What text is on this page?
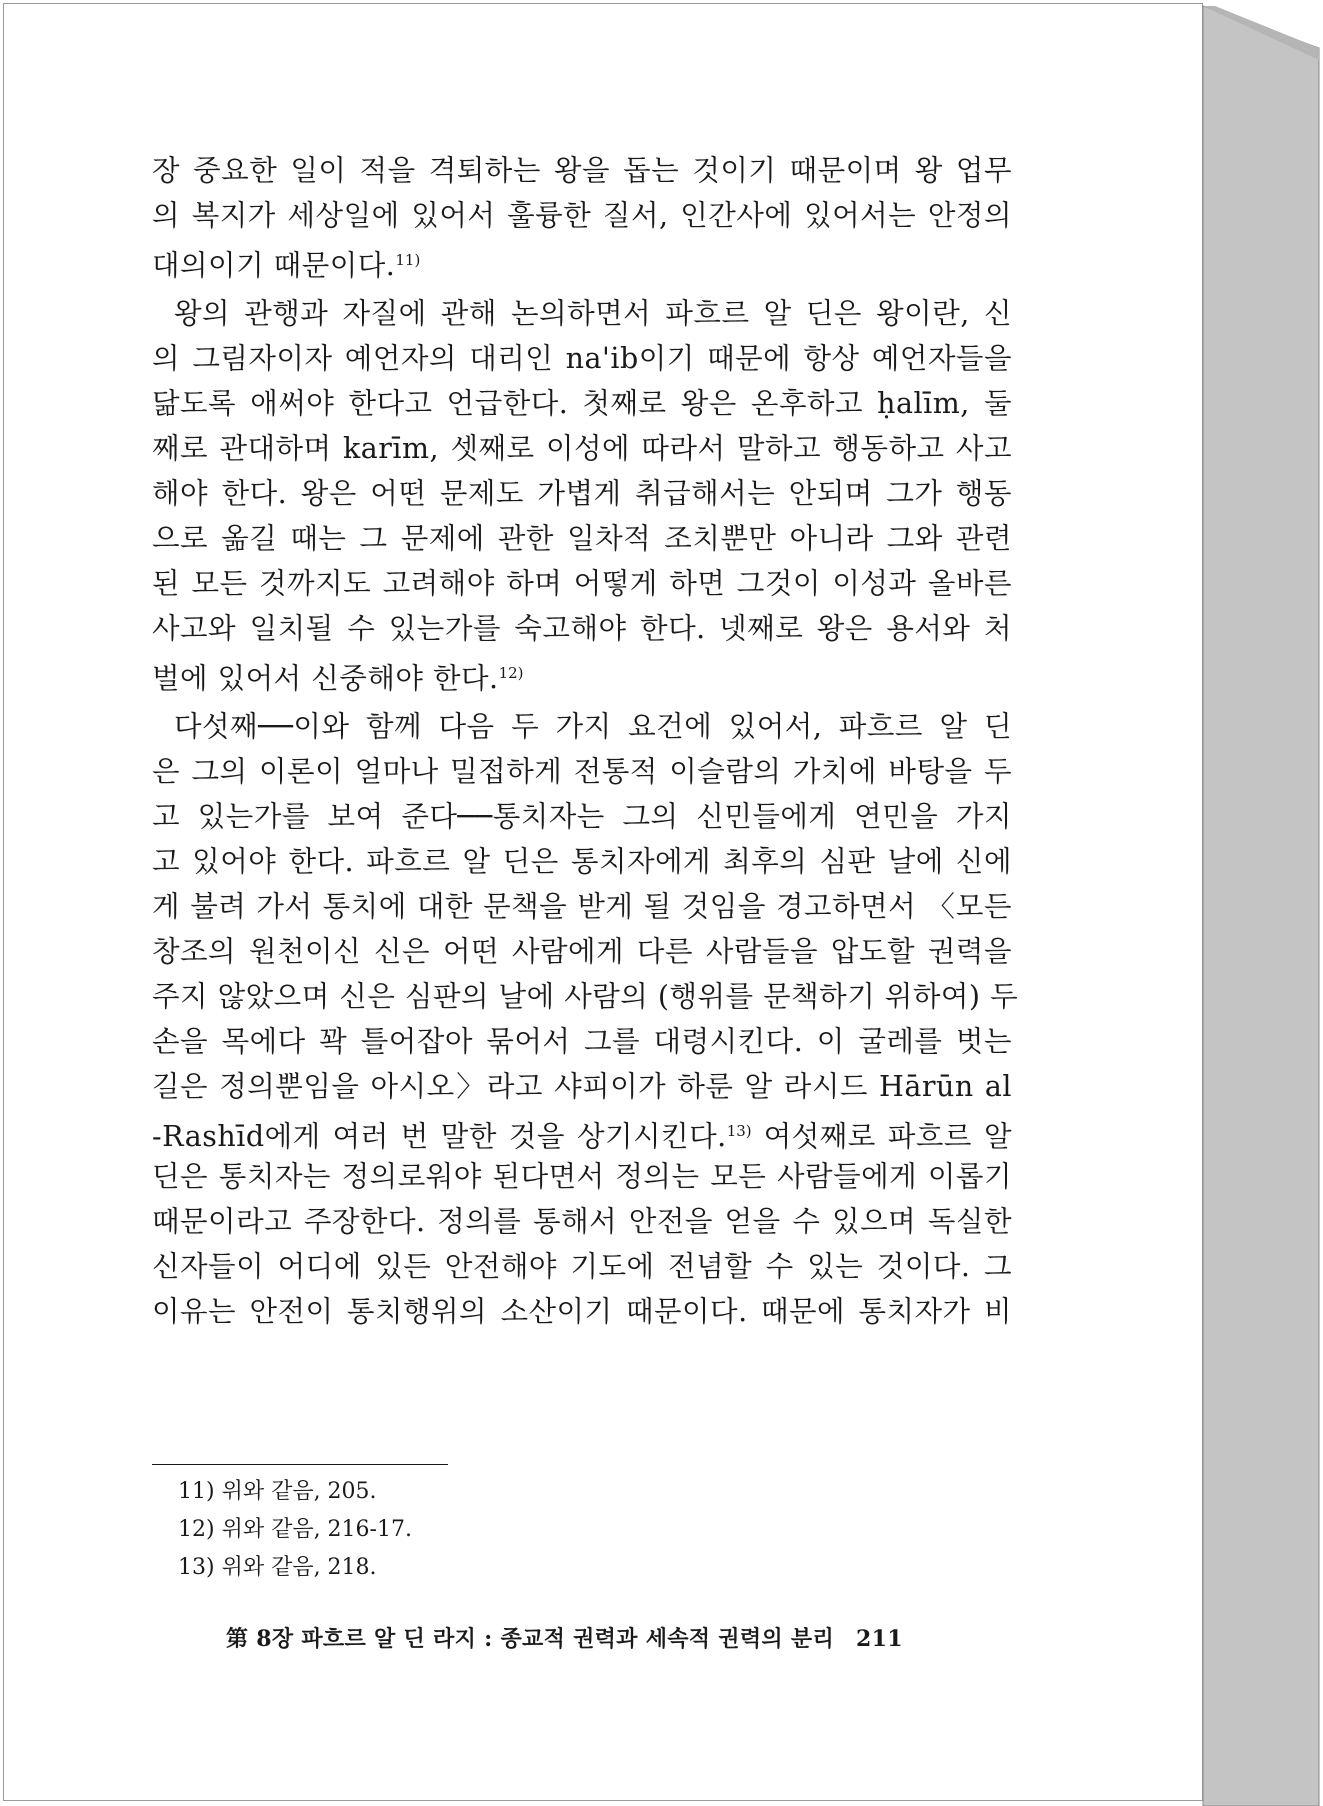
장 중요한 일이 적을 격퇴하는 왕을 돕는 것이기 때문이며 왕 업무
의 복지가 세상일에 있어서 훌륭한 질서, 인간사에 있어서는 안정의
대의이기 때문이다.$^{11)}$
왕의 관행과 자질에 관해 논의하면서 파흐르 알 딘은 왕이란, 신
의 그림자이자 예언자의 대리인 na'ib이기 때문에 항상 예언자들을
닮도록 애써야 한다고 언급한다. 첫째로 왕은 온후하고 ḥalīm, 둘
째로 관대하며 karīm, 셋째로 이성에 따라서 말하고 행동하고 사고
해야 한다. 왕은 어떤 문제도 가볍게 취급해서는 안되며 그가 행동
으로 옮길 때는 그 문제에 관한 일차적 조치뿐만 아니라 그와 관련
된 모든 것까지도 고려해야 하며 어떻게 하면 그것이 이성과 올바른
사고와 일치될 수 있는가를 숙고해야 한다. 넷째로 왕은 용서와 처
벌에 있어서 신중해야 한다.$^{12)}$
다섯째──이와 함께 다음 두 가지 요건에 있어서, 파흐르 알 딘
은 그의 이론이 얼마나 밀접하게 전통적 이슬람의 가치에 바탕을 두
고 있는가를 보여 준다──통치자는 그의 신민들에게 연민을 가지
고 있어야 한다. 파흐르 알 딘은 통치자에게 최후의 심판 날에 신에
게 불려 가서 통치에 대한 문책을 받게 될 것임을 경고하면서 〈모든
창조의 원천이신 신은 어떤 사람에게 다른 사람들을 압도할 권력을
주지 않았으며 신은 심판의 날에 사람의 (행위를 문책하기 위하여) 두
손을 목에다 꽉 틀어잡아 묶어서 그를 대령시킨다. 이 굴레를 벗는
길은 정의뿐임을 아시오〉라고 샤피이가 하룬 알 라시드 Hārūn al
-Rashīd에게 여러 번 말한 것을 상기시킨다.$^{13)}$ 여섯째로 파흐르 알
딘은 통치자는 정의로워야 된다면서 정의는 모든 사람들에게 이롭기
때문이라고 주장한다. 정의를 통해서 안전을 얻을 수 있으며 독실한
신자들이 어디에 있든 안전해야 기도에 전념할 수 있는 것이다. 그
이유는 안전이 통치행위의 소산이기 때문이다. 때문에 통치자가 비
11) 위와 같음, 205.
12) 위와 같음, 216-17.
13) 위와 같음, 218.
第 8장 파흐르 알 딘 라지 : 종교적 권력과 세속적 권력의 분리 211
